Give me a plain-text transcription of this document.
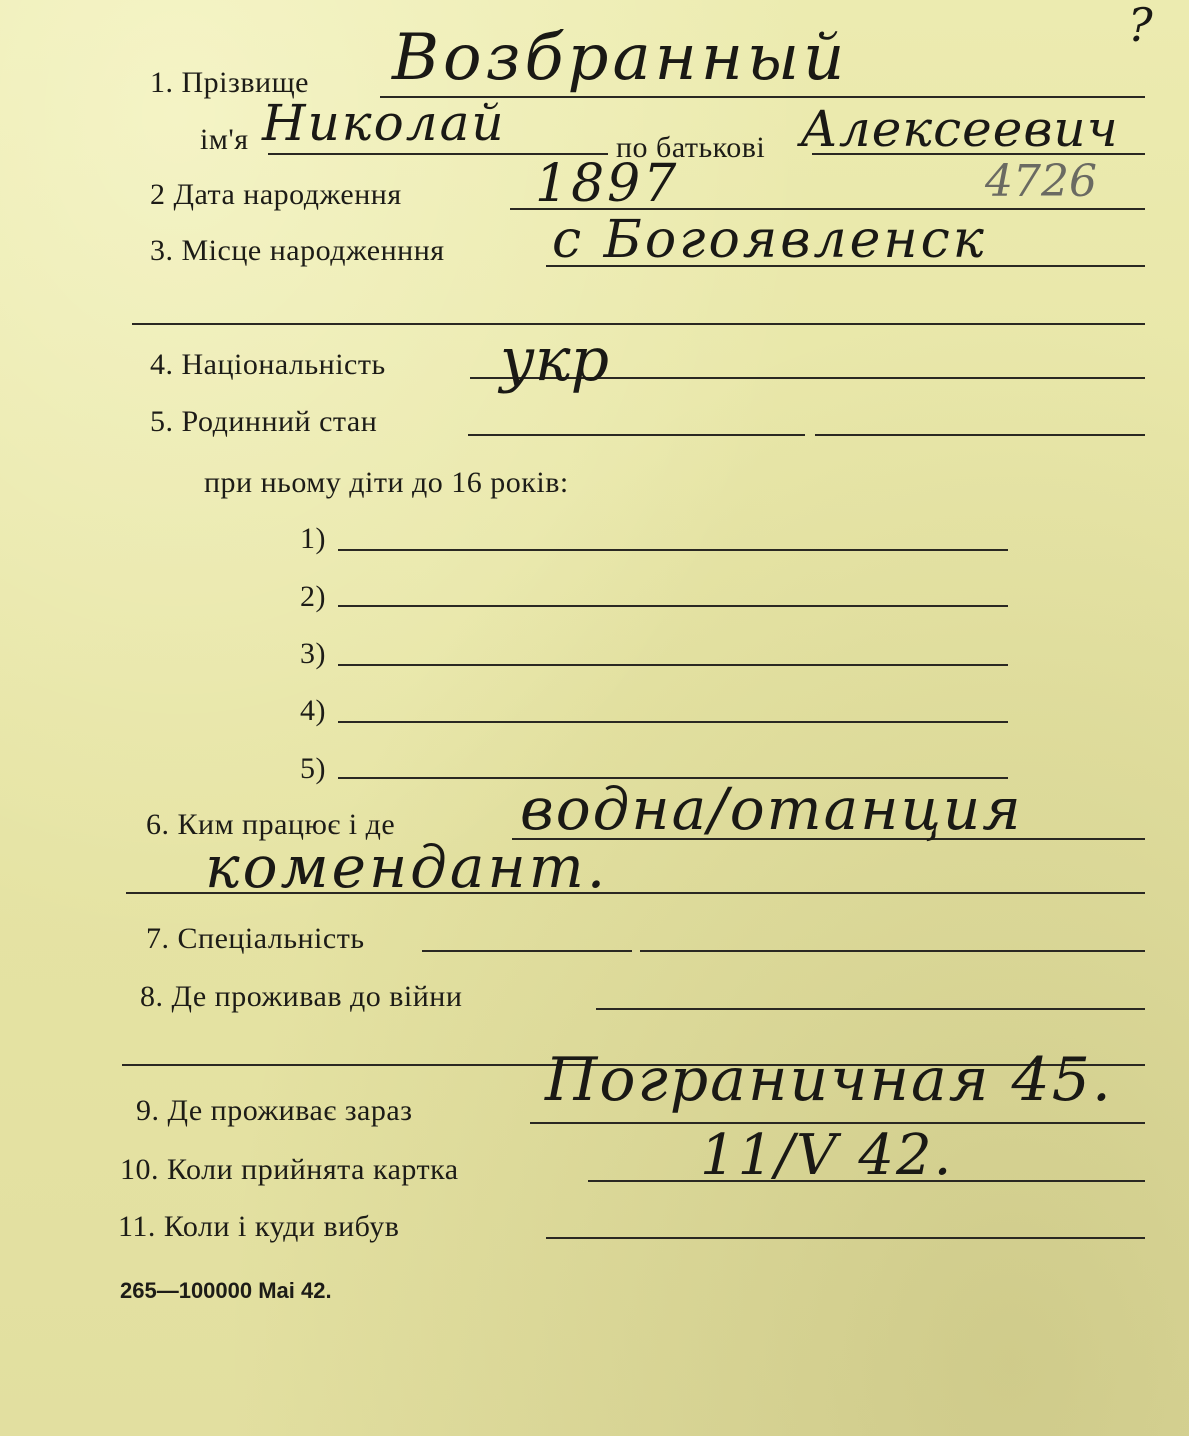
?
1. Прізвище Возбранный
ім'я Николай	по батькові Алексеевич
2 Дата народження	1897	4726
3. Місце народженння с Богоявленск
4. Національність укр
5. Родинний стан
при ньому діти до 16 років:
1)
2)
3)
4)
5)
6. Ким працює і де водна/отанция
комендант.
7. Спеціальність
8. Де проживав до війни
9. Де проживає зараз Пограничная 45.
10. Коли прийнята картка	11/V 42.
11. Коли і куди вибув
265—100000 Mai 42.
